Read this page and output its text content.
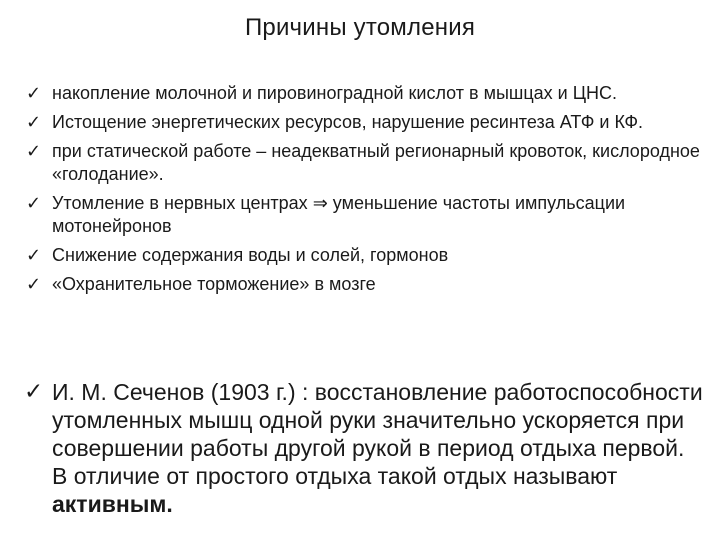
Причины утомления
✓ накопление молочной и пировиноградной кислот в мышцах и ЦНС.
✓ Истощение энергетических ресурсов, нарушение ресинтеза АТФ и КФ.
✓ при статической работе – неадекватный регионарный кровоток, кислородное «голодание».
✓ Утомление в нервных центрах ⇒ уменьшение частоты импульсации мотонейронов
✓ Снижение содержания воды и солей, гормонов
✓ «Охранительное торможение» в мозге
✓ И. М. Сеченов (1903 г.) : восстановление работоспособности утомленных мышц одной руки значительно ускоряется при совершении работы другой рукой в период отдыха первой. В отличие от простого отдыха такой отдых называют активным.
